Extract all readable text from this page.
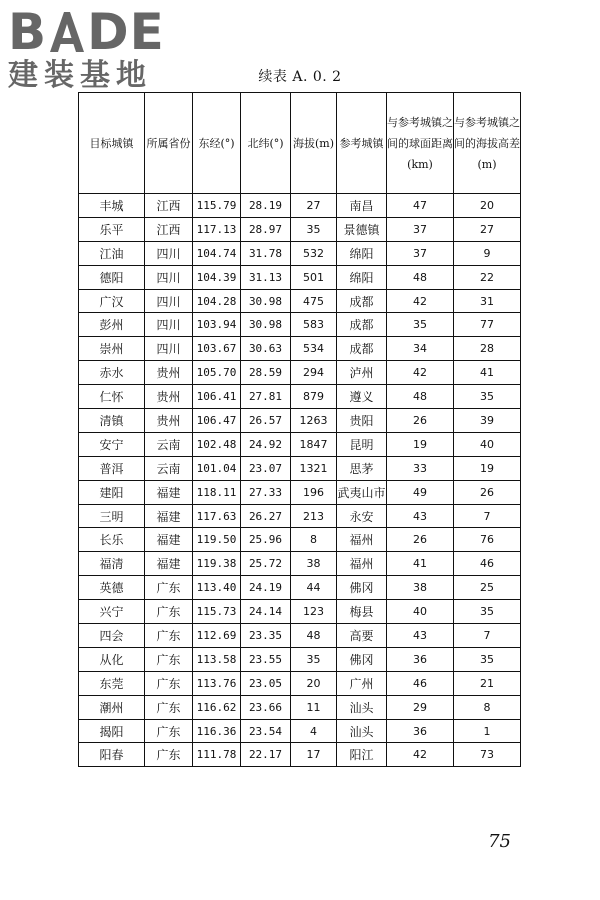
B DE
建装基地	续表 A. 0. 2
目标城镇	所属省份	东经(°)	北纬(°)	海拔(m)	参考城镇	与参考城镇之间的球面距离(km)	与参考城镇之间的海拔高差(m)
丰城	江西	115.79	28.19	27	南昌	47	20
乐平	江西	117.13	28.97	35	景德镇	37	27
江油	四川	104.74	31.78	532	绵阳	37	9
德阳	四川	104.39	31.13	501	绵阳	48	22
广汉	四川	104.28	30.98	475	成都	42	31
彭州	四川	103.94	30.98	583	成都	35	77
崇州	四川	103.67	30.63	534	成都	34	28
赤水	贵州	105.70	28.59	294	泸州	42	41
仁怀	贵州	106.41	27.81	879	遵义	48	35
清镇	贵州	106.47	26.57	1263	贵阳	26	39
安宁	云南	102.48	24.92	1847	昆明	19	40
普洱	云南	101.04	23.07	1321	思茅	33	19
建阳	福建	118.11	27.33	196	武夷山市	49	26
三明	福建	117.63	26.27	213	永安	43	7
长乐	福建	119.50	25.96	8	福州	26	76
福清	福建	119.38	25.72	38	福州	41	46
英德	广东	113.40	24.19	44	佛冈	38	25
兴宁	广东	115.73	24.14	123	梅县	40	35
四会	广东	112.69	23.35	48	高要	43	7
从化	广东	113.58	23.55	35	佛冈	36	35
东莞	广东	113.76	23.05	20	广州	46	21
潮州	广东	116.62	23.66	11	汕头	29	8
揭阳	广东	116.36	23.54	4	汕头	36	1
阳春	广东	111.78	22.17	17	阳江	42	73
75
